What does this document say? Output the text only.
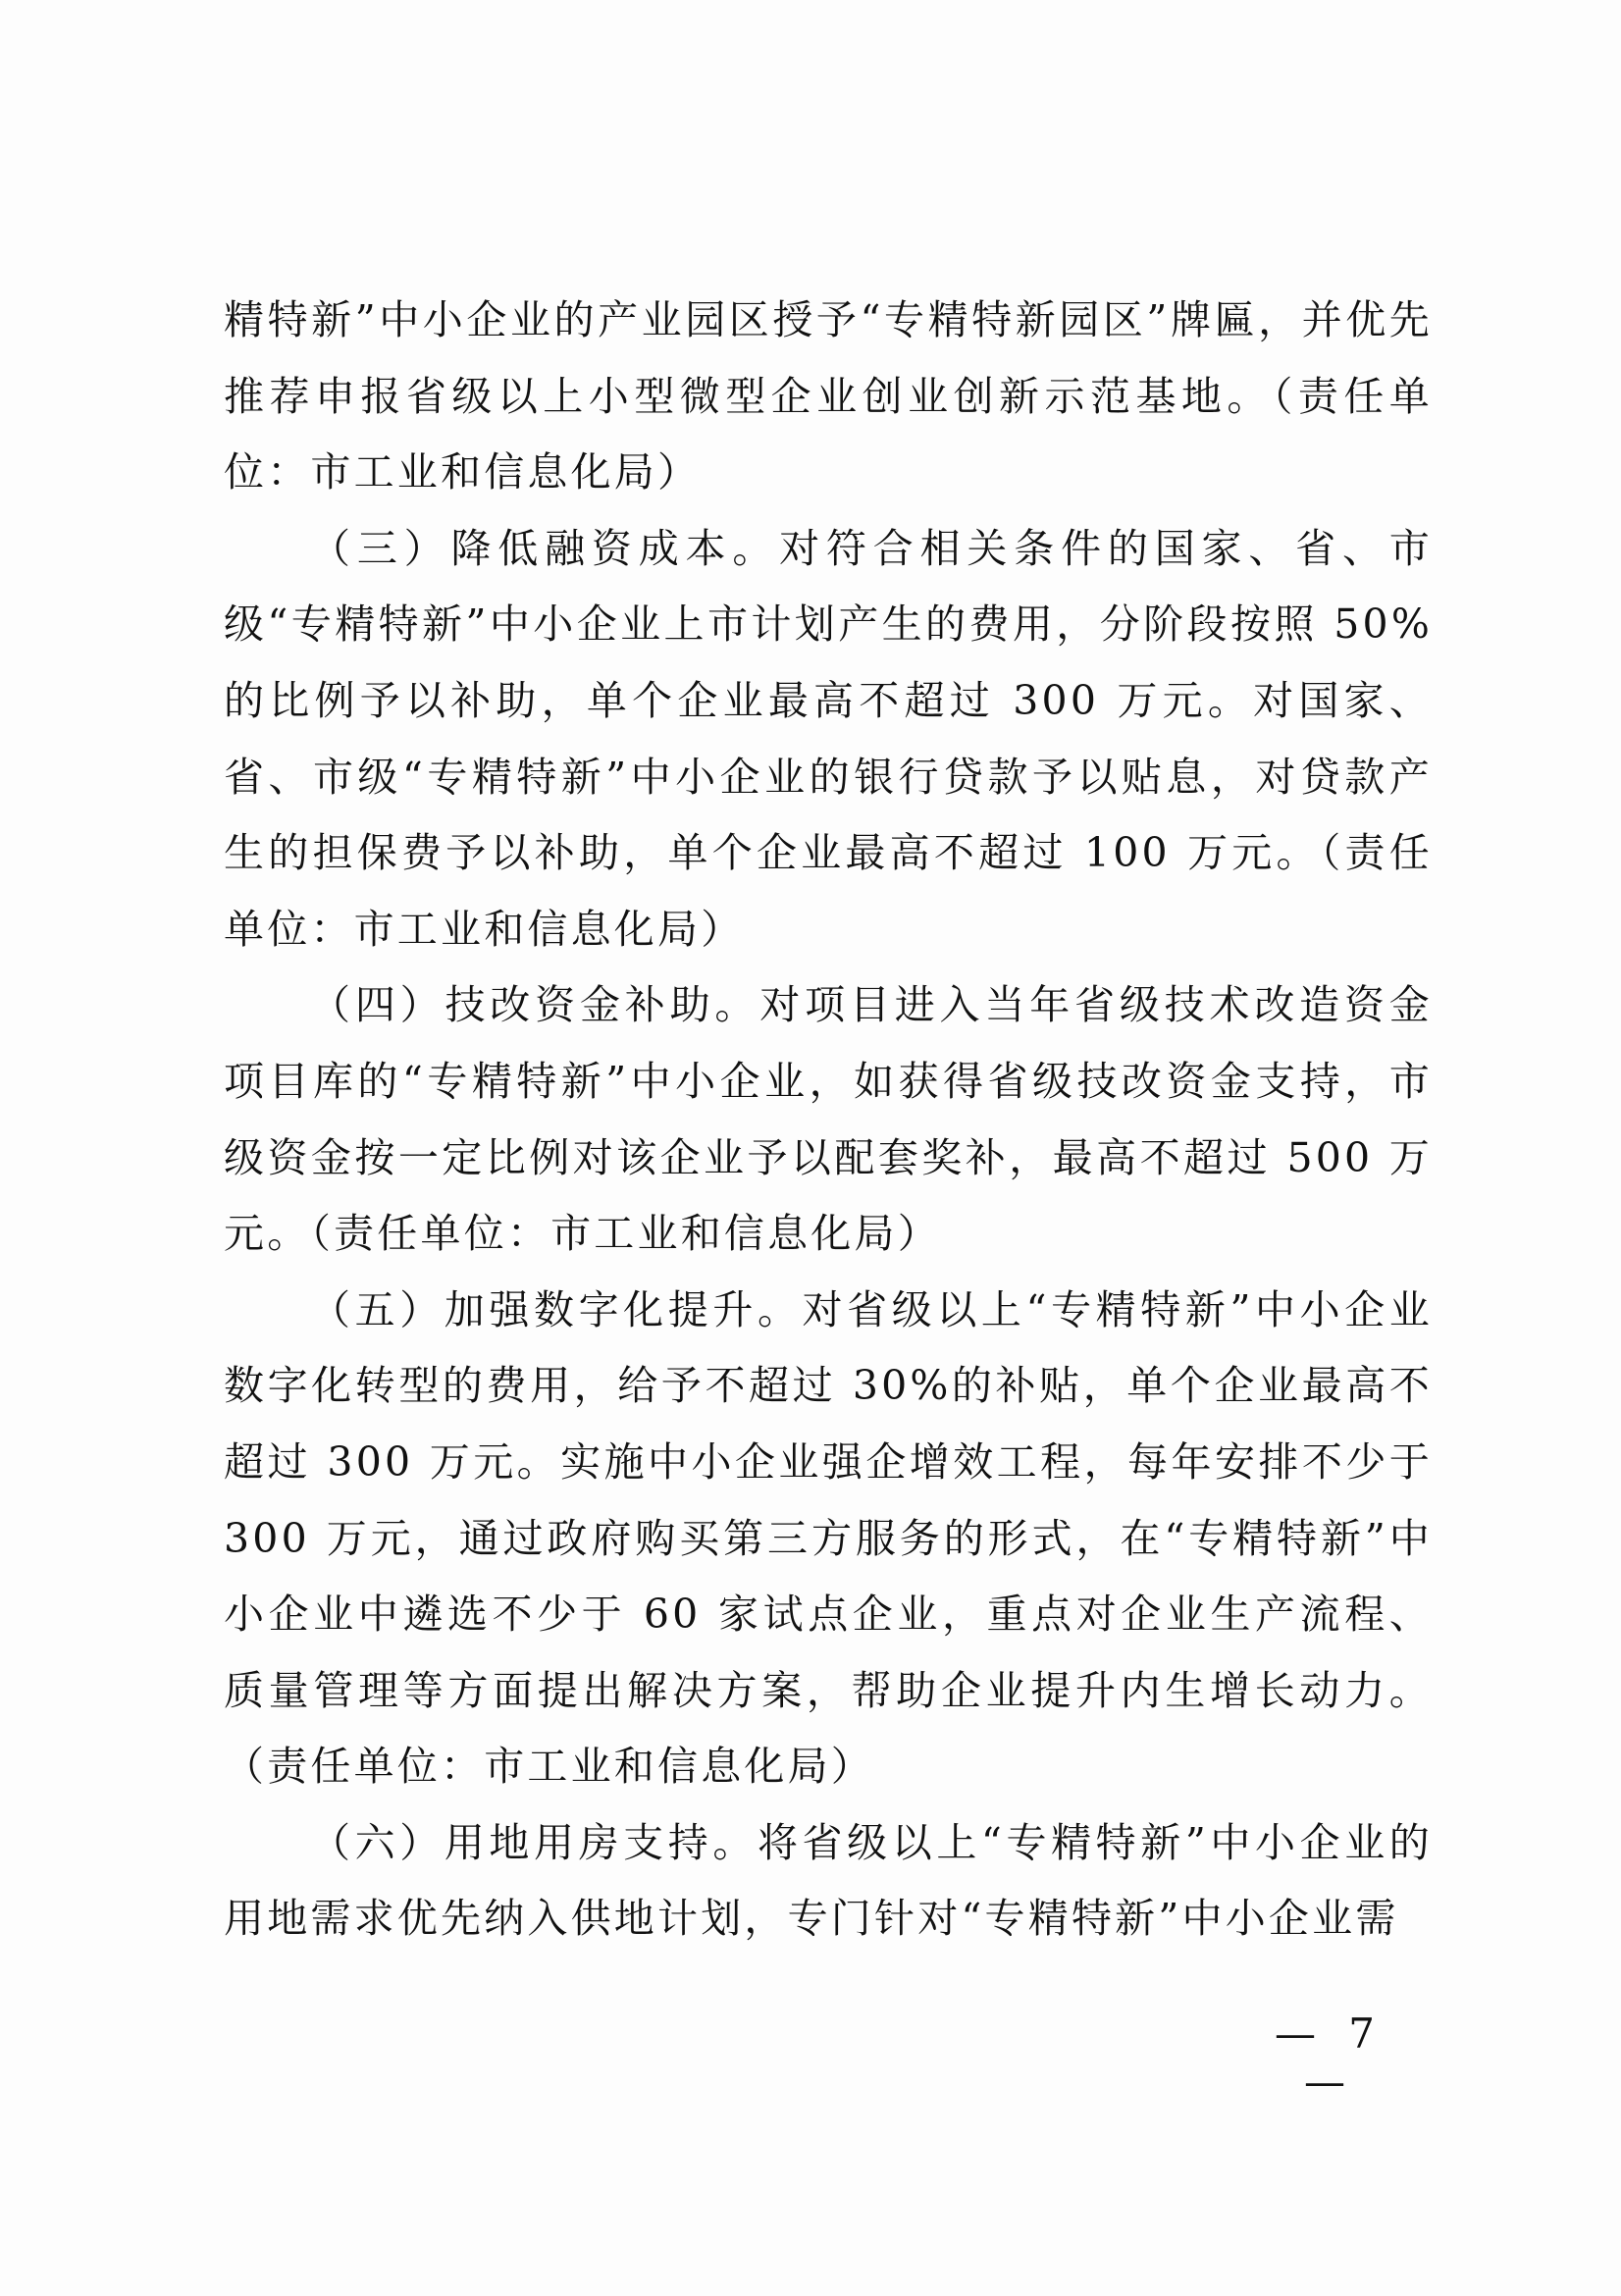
精特新”中小企业的产业园区授予“专精特新园区”牌匾，并优先推荐申报省级以上小型微型企业创业创新示范基地。（责任单位：市工业和信息化局）

（三）降低融资成本。对符合相关条件的国家、省、市级“专精特新”中小企业上市计划产生的费用，分阶段按照 50%的比例予以补助，单个企业最高不超过 300 万元。对国家、省、市级“专精特新”中小企业的银行贷款予以贴息，对贷款产生的担保费予以补助，单个企业最高不超过 100 万元。（责任单位：市工业和信息化局）

（四）技改资金补助。对项目进入当年省级技术改造资金项目库的“专精特新”中小企业，如获得省级技改资金支持，市级资金按一定比例对该企业予以配套奖补，最高不超过 500 万元。（责任单位：市工业和信息化局）

（五）加强数字化提升。对省级以上“专精特新”中小企业数字化转型的费用，给予不超过 30%的补贴，单个企业最高不超过 300 万元。实施中小企业强企增效工程，每年安排不少于 300 万元，通过政府购买第三方服务的形式，在“专精特新”中小企业中遴选不少于 60 家试点企业，重点对企业生产流程、质量管理等方面提出解决方案，帮助企业提升内生增长动力。（责任单位：市工业和信息化局）

（六）用地用房支持。将省级以上“专精特新”中小企业的用地需求优先纳入供地计划，专门针对“专精特新”中小企业需

— 7 —
